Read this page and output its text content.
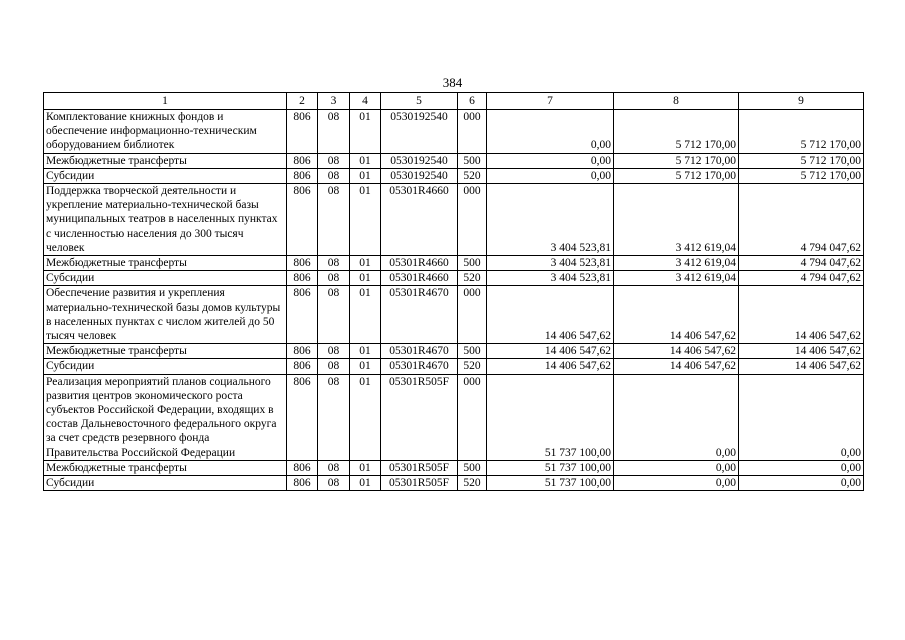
384
1	2	3	4	5	6	7	8	9
Комплектование книжных фондов и обеспечение информационно-техническим оборудованием библиотек	806	08	01	0530192540	000	0,00	5 712 170,00	5 712 170,00

Межбюджетные трансферты	806	08	01	0530192540	500	0,00	5 712 170,00	5 712 170,00

Субсидии	806	08	01	0530192540	520	0,00	5 712 170,00	5 712 170,00

Поддержка творческой деятельности и укрепление материально-технической базы муниципальных театров в населенных пунктах с численностью населения до 300 тысяч человек	806	08	01	05301R4660	000	3 404 523,81	3 412 619,04	4 794 047,62

Межбюджетные трансферты	806	08	01	05301R4660	500	3 404 523,81	3 412 619,04	4 794 047,62

Субсидии	806	08	01	05301R4660	520	3 404 523,81	3 412 619,04	4 794 047,62

Обеспечение развития и укрепления материально-технической базы домов культуры в населенных пунктах с числом жителей до 50 тысяч человек	806	08	01	05301R4670	000	14 406 547,62	14 406 547,62	14 406 547,62

Межбюджетные трансферты	806	08	01	05301R4670	500	14 406 547,62	14 406 547,62	14 406 547,62

Субсидии	806	08	01	05301R4670	520	14 406 547,62	14 406 547,62	14 406 547,62

Реализация мероприятий планов социального развития центров экономического роста субъектов Российской Федерации, входящих в состав Дальневосточного федерального округа за счет средств резервного фонда Правительства Российской Федерации	806	08	01	05301R505F	000	51 737 100,00	0,00	0,00

Межбюджетные трансферты	806	08	01	05301R505F	500	51 737 100,00	0,00	0,00

Субсидии	806	08	01	05301R505F	520	51 737 100,00	0,00	0,00
